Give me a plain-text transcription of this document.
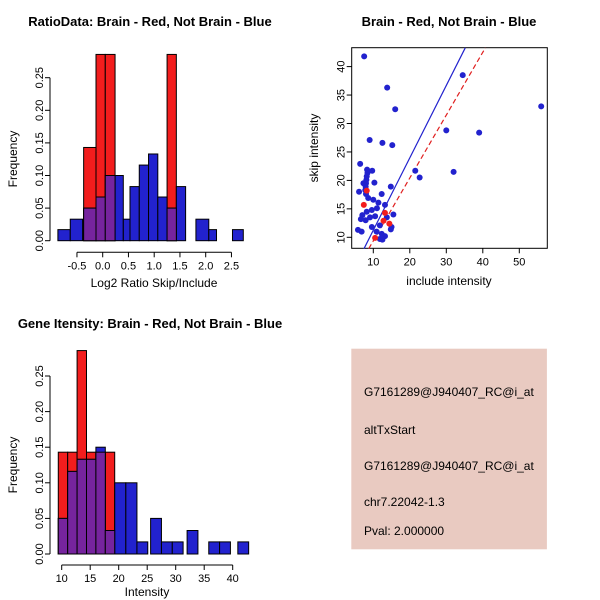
-0.5 0.0 0.5 1.0 1.5 2.0 2.5
0.00
0.05
0.10
0.15
0.20
0.25
RatioData: Brain - Red, Not Brain - Blue
Log2 Ratio Skip/Include
Frequency
10 20 30 40 50
10
15
20
25
30
35
40
Brain - Red, Not Brain - Blue
include intensity
skip intensity
10 15 20 25 30 35 40
0.00
0.05
0.10
0.15
0.20
0.25
Gene Itensity: Brain - Red, Not Brain - Blue
Intensity
Frequency
G7161289@J940407_RC@i_at
altTxStart
G7161289@J940407_RC@i_at
chr7.22042-1.3
Pval: 2.000000
